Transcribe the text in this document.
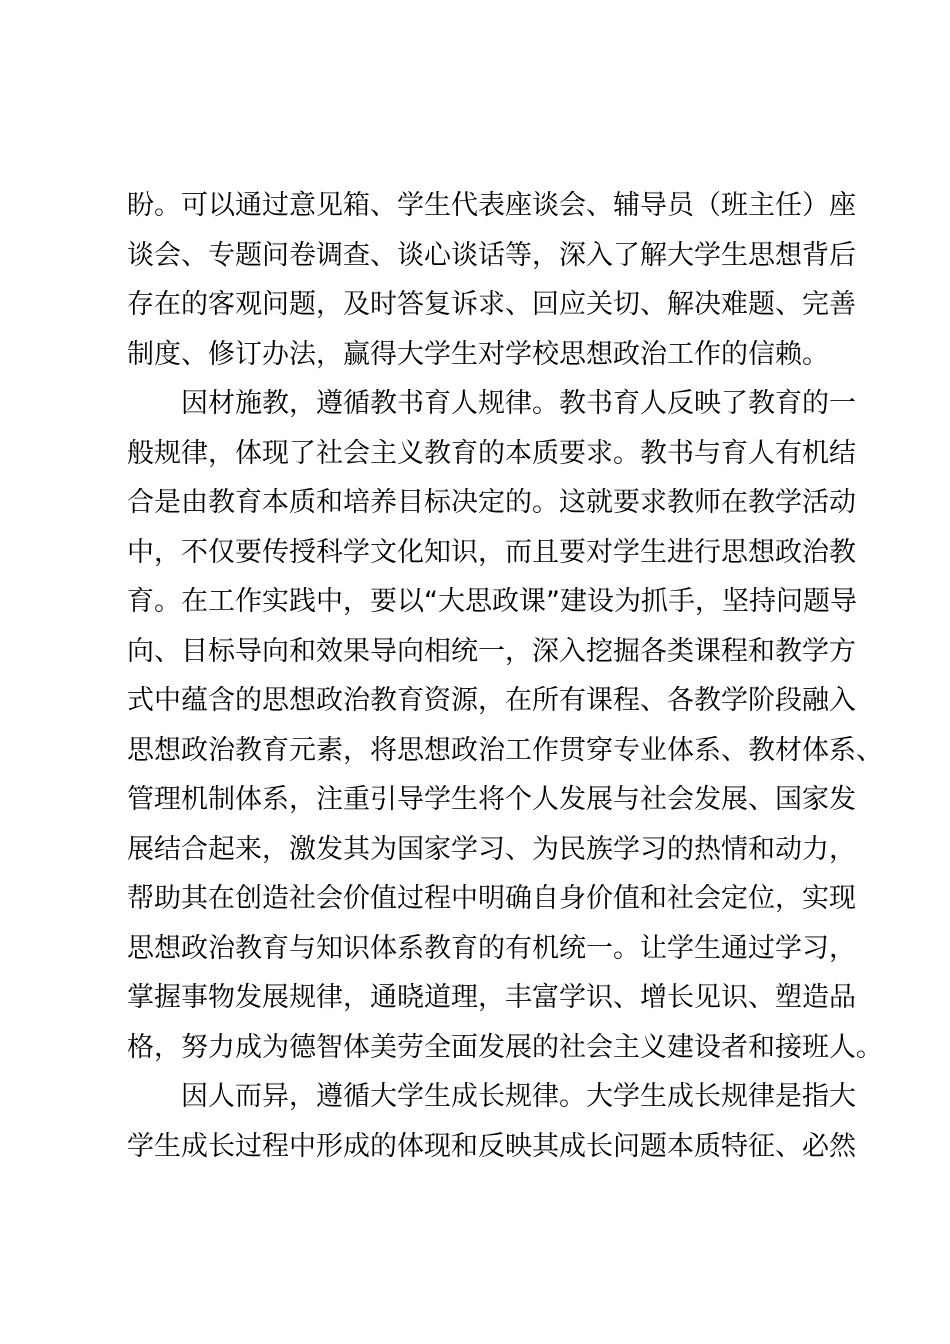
盼。可以通过意见箱、学生代表座谈会、辅导员（班主任）座
谈会、专题问卷调查、谈心谈话等，深入了解大学生思想背后
存在的客观问题，及时答复诉求、回应关切、解决难题、完善
制度、修订办法，赢得大学生对学校思想政治工作的信赖。
因材施教，遵循教书育人规律。教书育人反映了教育的一
般规律，体现了社会主义教育的本质要求。教书与育人有机结
合是由教育本质和培养目标决定的。这就要求教师在教学活动
中，不仅要传授科学文化知识，而且要对学生进行思想政治教
育。在工作实践中，要以“大思政课”建设为抓手，坚持问题导
向、目标导向和效果导向相统一，深入挖掘各类课程和教学方
式中蕴含的思想政治教育资源，在所有课程、各教学阶段融入
思想政治教育元素，将思想政治工作贯穿专业体系、教材体系、
管理机制体系，注重引导学生将个人发展与社会发展、国家发
展结合起来，激发其为国家学习、为民族学习的热情和动力，
帮助其在创造社会价值过程中明确自身价值和社会定位，实现
思想政治教育与知识体系教育的有机统一。让学生通过学习，
掌握事物发展规律，通晓道理，丰富学识、增长见识、塑造品
格，努力成为德智体美劳全面发展的社会主义建设者和接班人。
因人而异，遵循大学生成长规律。大学生成长规律是指大
学生成长过程中形成的体现和反映其成长问题本质特征、必然
